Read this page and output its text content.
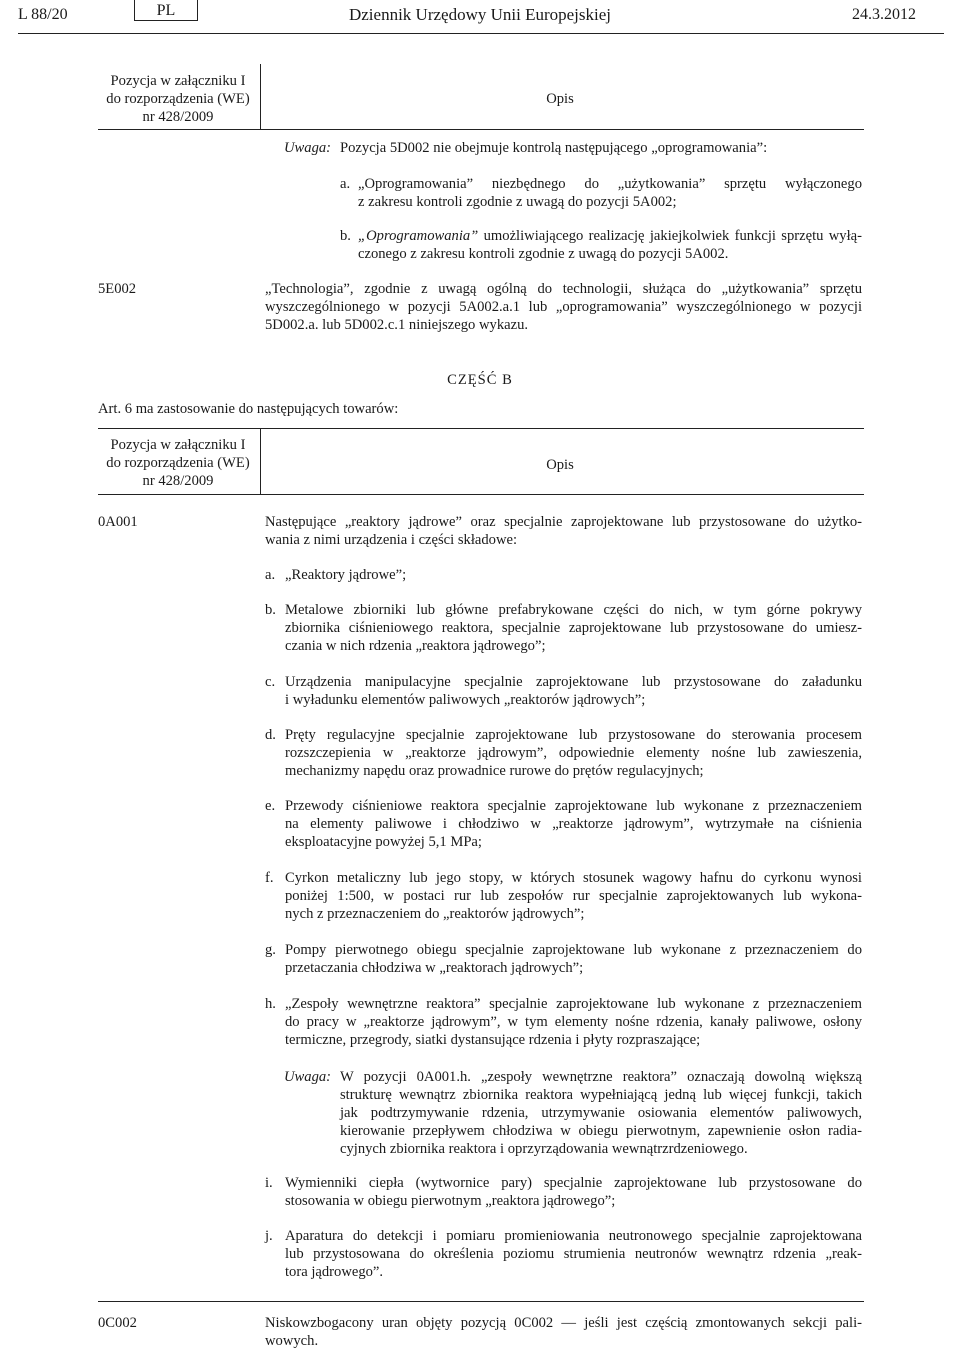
L 88/20	PL	Dziennik Urzędowy Unii Europejskiej	24.3.2012
Pozycja w załączniku I
do rozporządzenia (WE)
nr 428/2009
Opis
Uwaga: Pozycja 5D002 nie obejmuje kontrolą następującego „oprogramowania”:
a. „Oprogramowania” niezbędnego do „użytkowania” sprzętu wyłączonego
z zakresu kontroli zgodnie z uwagą do pozycji 5A002;
b. „Oprogramowania” umożliwiającego realizację jakiejkolwiek funkcji sprzętu wyłą-
czonego z zakresu kontroli zgodnie z uwagą do pozycji 5A002.
5E002	„Technologia”, zgodnie z uwagą ogólną do technologii, służąca do „użytkowania” sprzętu
wyszczególnionego w pozycji 5A002.a.1 lub „oprogramowania” wyszczególnionego w pozycji
5D002.a. lub 5D002.c.1 niniejszego wykazu.
CZĘŚĆ B
Art. 6 ma zastosowanie do następujących towarów:
Pozycja w załączniku I
do rozporządzenia (WE)
nr 428/2009
Opis
0A001	Następujące „reaktory jądrowe” oraz specjalnie zaprojektowane lub przystosowane do użytko-
wania z nimi urządzenia i części składowe:
a. „Reaktory jądrowe”;
b. Metalowe zbiorniki lub główne prefabrykowane części do nich, w tym górne pokrywy
zbiornika ciśnieniowego reaktora, specjalnie zaprojektowane lub przystosowane do umiesz-
czania w nich rdzenia „reaktora jądrowego”;
c. Urządzenia manipulacyjne specjalnie zaprojektowane lub przystosowane do załadunku
i wyładunku elementów paliwowych „reaktorów jądrowych”;
d. Pręty regulacyjne specjalnie zaprojektowane lub przystosowane do sterowania procesem
rozszczepienia w „reaktorze jądrowym”, odpowiednie elementy nośne lub zawieszenia,
mechanizmy napędu oraz prowadnice rurowe do prętów regulacyjnych;
e. Przewody ciśnieniowe reaktora specjalnie zaprojektowane lub wykonane z przeznaczeniem
na elementy paliwowe i chłodziwo w „reaktorze jądrowym”, wytrzymałe na ciśnienia
eksploatacyjne powyżej 5,1 MPa;
f. Cyrkon metaliczny lub jego stopy, w których stosunek wagowy hafnu do cyrkonu wynosi
poniżej 1:500, w postaci rur lub zespołów rur specjalnie zaprojektowanych lub wykona-
nych z przeznaczeniem do „reaktorów jądrowych”;
g. Pompy pierwotnego obiegu specjalnie zaprojektowane lub wykonane z przeznaczeniem do
przetaczania chłodziwa w „reaktorach jądrowych”;
h. „Zespoły wewnętrzne reaktora” specjalnie zaprojektowane lub wykonane z przeznaczeniem
do pracy w „reaktorze jądrowym”, w tym elementy nośne rdzenia, kanały paliwowe, osłony
termiczne, przegrody, siatki dystansujące rdzenia i płyty rozpraszające;
Uwaga: W pozycji 0A001.h. „zespoły wewnętrzne reaktora” oznaczają dowolną większą
strukturę wewnątrz zbiornika reaktora wypełniającą jedną lub więcej funkcji, takich
jak podtrzymywanie rdzenia, utrzymywanie osiowania elementów paliwowych,
kierowanie przepływem chłodziwa w obiegu pierwotnym, zapewnienie osłon radia-
cyjnych zbiornika reaktora i oprzyrządowania wewnątrzrdzeniowego.
i. Wymienniki ciepła (wytwornice pary) specjalnie zaprojektowane lub przystosowane do
stosowania w obiegu pierwotnym „reaktora jądrowego”;
j. Aparatura do detekcji i pomiaru promieniowania neutronowego specjalnie zaprojektowana
lub przystosowana do określenia poziomu strumienia neutronów wewnątrz rdzenia „reak-
tora jądrowego”.
0C002	Niskowzbogacony uran objęty pozycją 0C002 — jeśli jest częścią zmontowanych sekcji pali-
wowych.
